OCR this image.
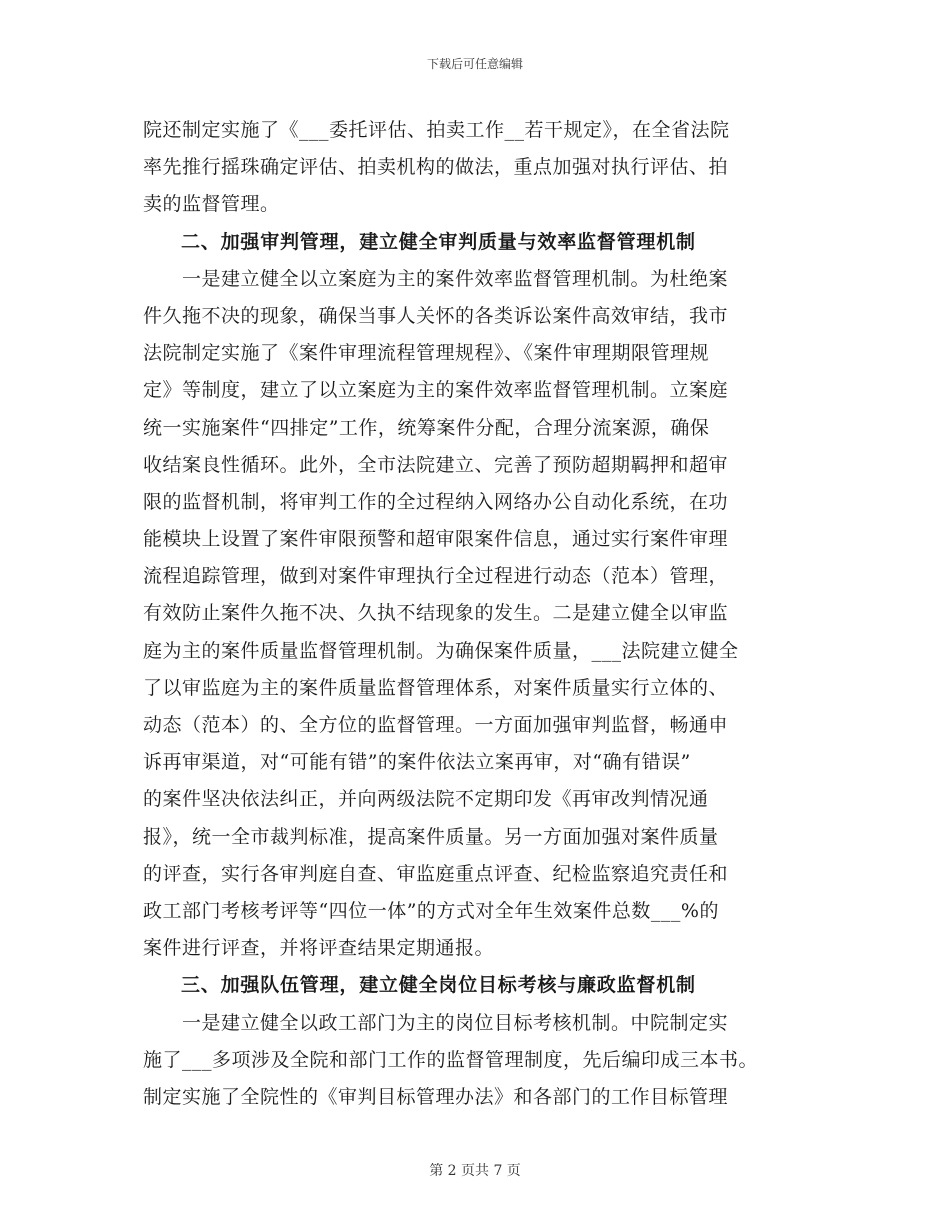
下载后可任意编辑
院还制定实施了《___委托评估、拍卖工作__若干规定》，在全省法院
率先推行摇珠确定评估、拍卖机构的做法，重点加强对执行评估、拍
卖的监督管理。
二、加强审判管理，建立健全审判质量与效率监督管理机制
　　一是建立健全以立案庭为主的案件效率监督管理机制。为杜绝案
件久拖不决的现象，确保当事人关怀的各类诉讼案件高效审结，我市
法院制定实施了《案件审理流程管理规程》、《案件审理期限管理规
定》等制度，建立了以立案庭为主的案件效率监督管理机制。立案庭
统一实施案件“四排定”工作，统筹案件分配，合理分流案源，确保
收结案良性循环。此外，全市法院建立、完善了预防超期羁押和超审
限的监督机制，将审判工作的全过程纳入网络办公自动化系统，在功
能模块上设置了案件审限预警和超审限案件信息，通过实行案件审理
流程追踪管理，做到对案件审理执行全过程进行动态（范本）管理，
有效防止案件久拖不决、久执不结现象的发生。二是建立健全以审监
庭为主的案件质量监督管理机制。为确保案件质量，___法院建立健全
了以审监庭为主的案件质量监督管理体系，对案件质量实行立体的、
动态（范本）的、全方位的监督管理。一方面加强审判监督，畅通申
诉再审渠道，对“可能有错”的案件依法立案再审，对“确有错误”
的案件坚决依法纠正，并向两级法院不定期印发《再审改判情况通
报》，统一全市裁判标准，提高案件质量。另一方面加强对案件质量
的评查，实行各审判庭自查、审监庭重点评查、纪检监察追究责任和
政工部门考核考评等“四位一体”的方式对全年生效案件总数___%的
案件进行评查，并将评查结果定期通报。
三、加强队伍管理，建立健全岗位目标考核与廉政监督机制
　　一是建立健全以政工部门为主的岗位目标考核机制。中院制定实
施了___多项涉及全院和部门工作的监督管理制度，先后编印成三本书。
制定实施了全院性的《审判目标管理办法》和各部门的工作目标管理
第 2 页共 7 页
